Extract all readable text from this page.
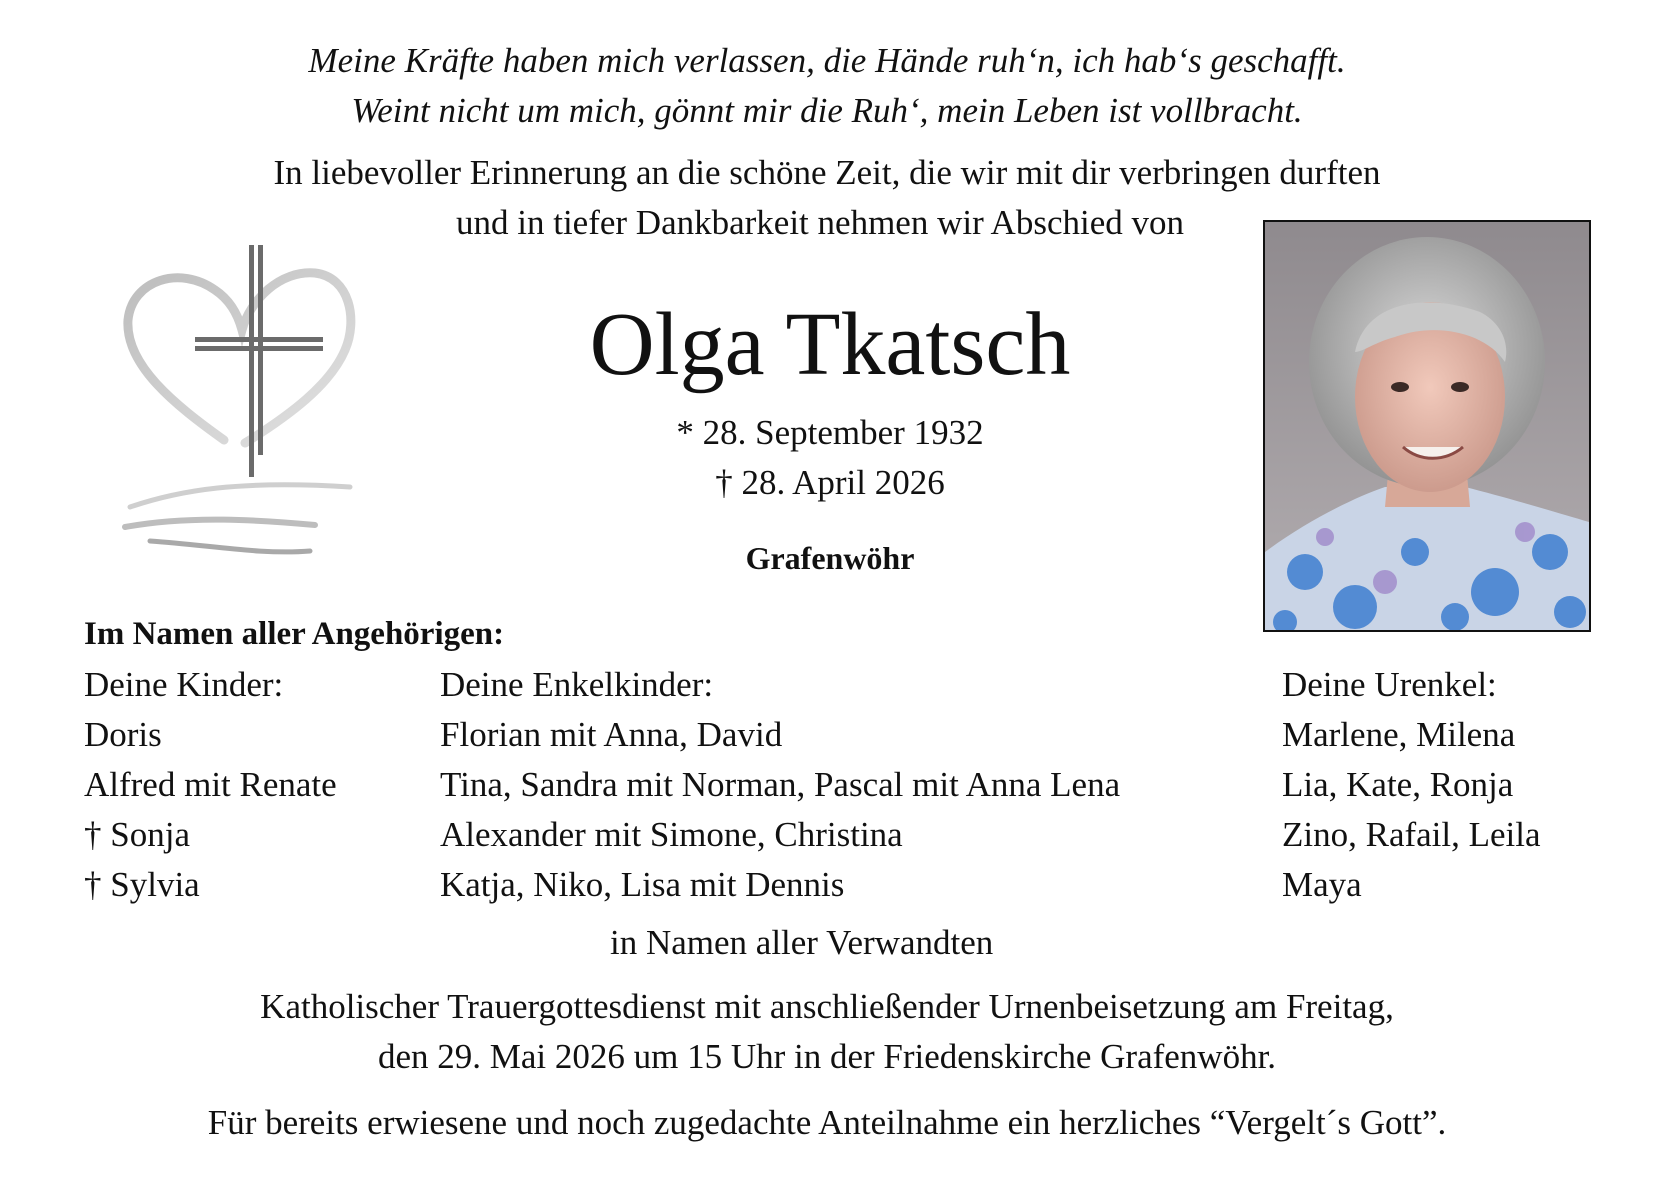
Meine Kräfte haben mich verlassen, die Hände ruh‘n, ich hab‘s geschafft.
Weint nicht um mich, gönnt mir die Ruh‘, mein Leben ist vollbracht.
In liebevoller Erinnerung an die schöne Zeit, die wir mit dir verbringen durften
und in tiefer Dankbarkeit nehmen wir Abschied von
Olga Tkatsch
* 28. September 1932
† 28. April 2026
Grafenwöhr
Im Namen aller Angehörigen:
Deine Kinder:
Doris
Alfred mit Renate
† Sonja
† Sylvia
Deine Enkelkinder:
Florian mit Anna, David
Tina, Sandra mit Norman, Pascal mit Anna Lena
Alexander mit Simone, Christina
Katja, Niko, Lisa mit Dennis
Deine Urenkel:
Marlene, Milena
Lia, Kate, Ronja
Zino, Rafail, Leila
Maya
in Namen aller Verwandten
Katholischer Trauergottesdienst mit anschließender Urnenbeisetzung am Freitag,
den 29. Mai 2026 um 15 Uhr in der Friedenskirche Grafenwöhr.
Für bereits erwiesene und noch zugedachte Anteilnahme ein herzliches “Vergelt´s Gott”.
